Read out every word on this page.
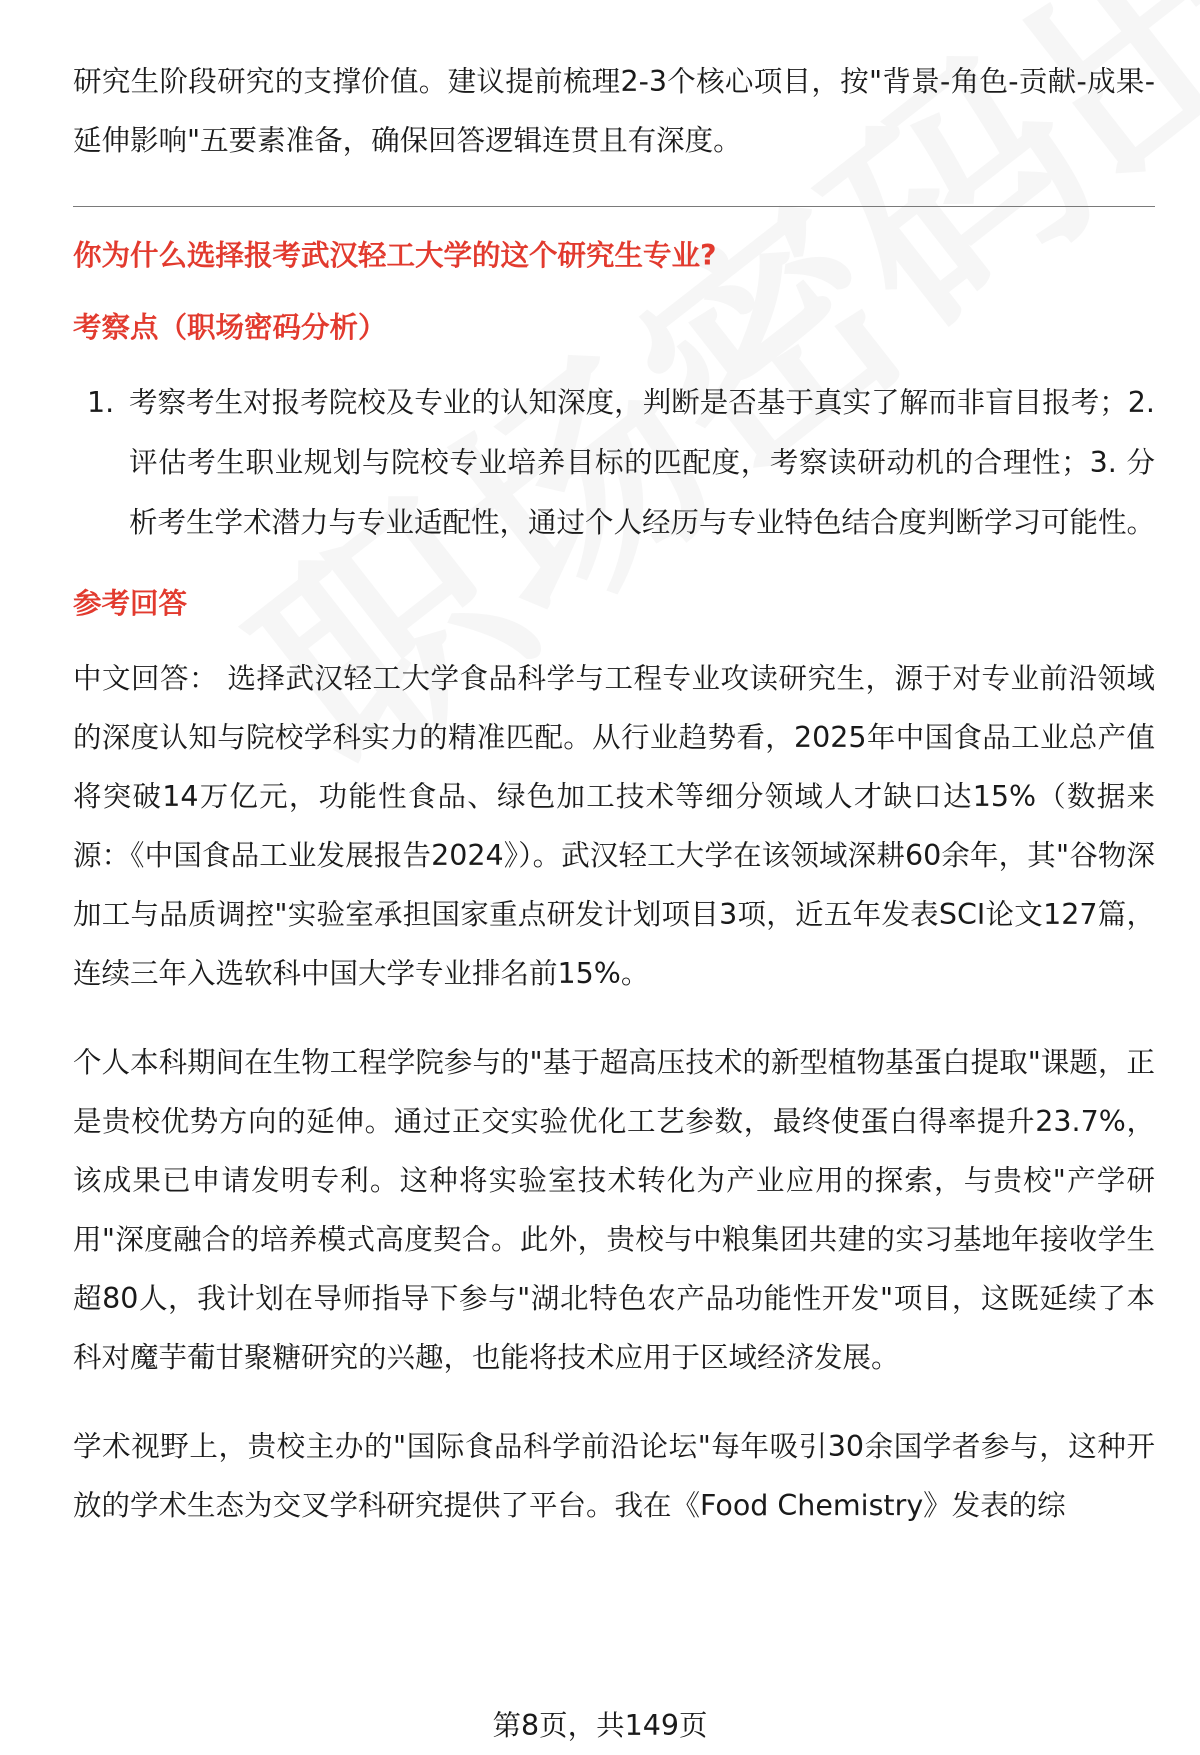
研究生阶段研究的支撑价值。建议提前梳理2-3个核心项目，按"背景-角色-贡献-成果-延伸影响"五要素准备，确保回答逻辑连贯且有深度。

你为什么选择报考武汉轻工大学的这个研究生专业?
考察点（职场密码分析）
1. 考察考生对报考院校及专业的认知深度，判断是否基于真实了解而非盲目报考；2. 评估考生职业规划与院校专业培养目标的匹配度，考察读研动机的合理性；3. 分析考生学术潜力与专业适配性，通过个人经历与专业特色结合度判断学习可能性。
参考回答

中文回答： 选择武汉轻工大学食品科学与工程专业攻读研究生，源于对专业前沿领域的深度认知与院校学科实力的精准匹配。从行业趋势看，2025年中国食品工业总产值将突破14万亿元，功能性食品、绿色加工技术等细分领域人才缺口达15%（数据来源：《中国食品工业发展报告2024》）。武汉轻工大学在该领域深耕60余年，其"谷物深加工与品质调控"实验室承担国家重点研发计划项目3项，近五年发表SCI论文127篇，连续三年入选软科中国大学专业排名前15%。

个人本科期间在生物工程学院参与的"基于超高压技术的新型植物基蛋白提取"课题，正是贵校优势方向的延伸。通过正交实验优化工艺参数，最终使蛋白得率提升23.7%，该成果已申请发明专利。这种将实验室技术转化为产业应用的探索，与贵校"产学研用"深度融合的培养模式高度契合。此外，贵校与中粮集团共建的实习基地年接收学生超80人，我计划在导师指导下参与"湖北特色农产品功能性开发"项目，这既延续了本科对魔芋葡甘聚糖研究的兴趣，也能将技术应用于区域经济发展。

学术视野上，贵校主办的"国际食品科学前沿论坛"每年吸引30余国学者参与，这种开放的学术生态为交叉学科研究提供了平台。我在《Food Chemistry》发表的综

第8页，共149页
